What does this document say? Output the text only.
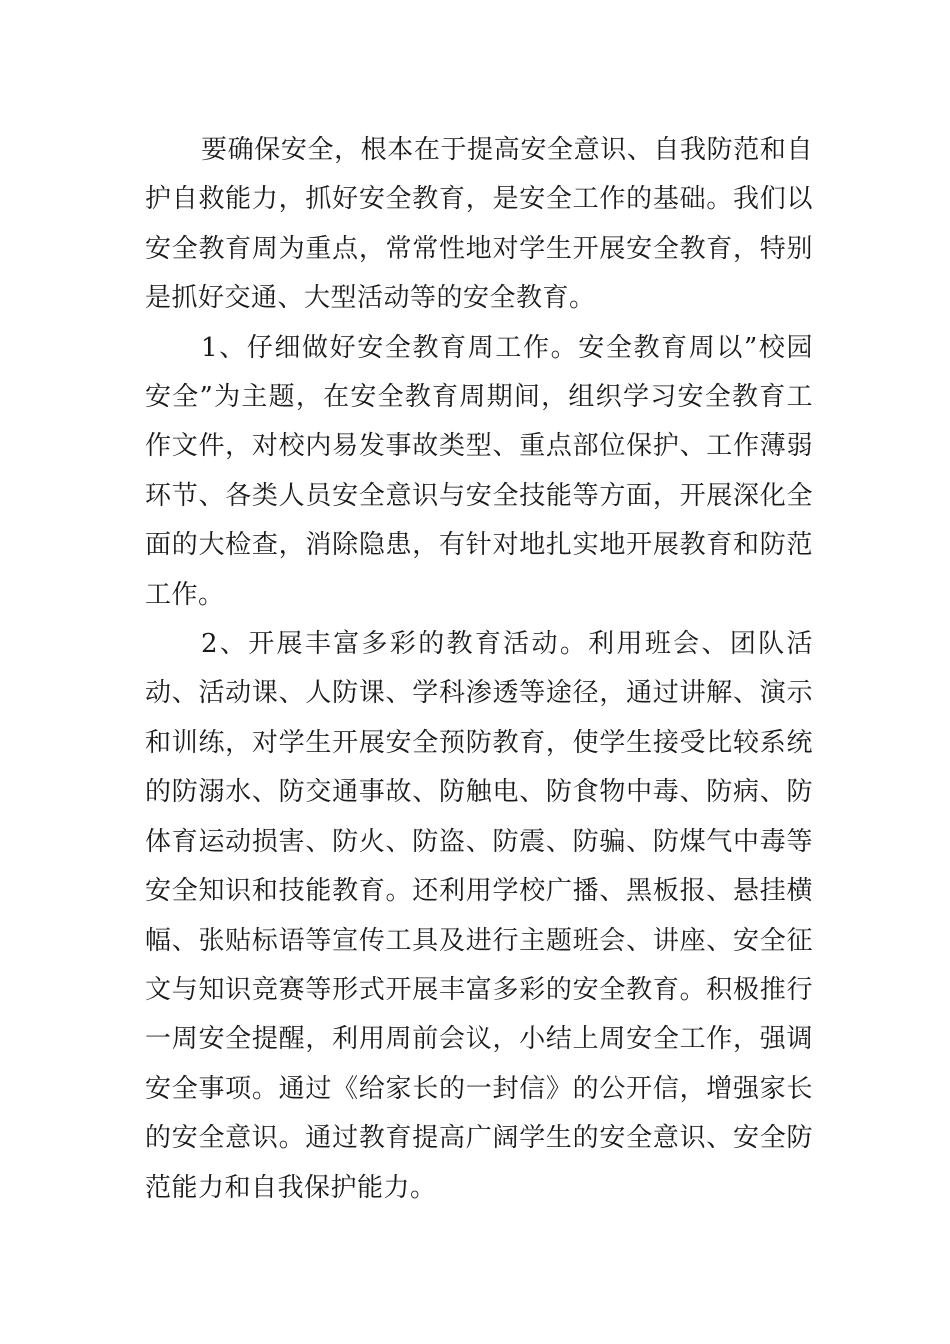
要确保安全，根本在于提高安全意识、自我防范和自护自救能力，抓好安全教育，是安全工作的基础。我们以安全教育周为重点，常常性地对学生开展安全教育，特别是抓好交通、大型活动等的安全教育。

1、仔细做好安全教育周工作。安全教育周以”校园安全”为主题，在安全教育周期间，组织学习安全教育工作文件，对校内易发事故类型、重点部位保护、工作薄弱环节、各类人员安全意识与安全技能等方面，开展深化全面的大检查，消除隐患，有针对地扎实地开展教育和防范工作。

2、开展丰富多彩的教育活动。利用班会、团队活动、活动课、人防课、学科渗透等途径，通过讲解、演示和训练，对学生开展安全预防教育，使学生接受比较系统的防溺水、防交通事故、防触电、防食物中毒、防病、防 体育运动损害、防火、防盗、防震、防骗、防煤气中毒等安全知识和技能教育。还利用学校广播、黑板报、悬挂横幅、张贴标语等宣传工具及进行主题班会、讲座、安全征文与知识竞赛等形式开展丰富多彩的安全教育。积极推行一周安全提醒，利用周前会议，小结上周安全工作，强调安全事项。通过《给家长的一封信》的公开信，增强家长的安全意识。通过教育提高广阔学生的安全意识、安全防范能力和自我保护能力。
